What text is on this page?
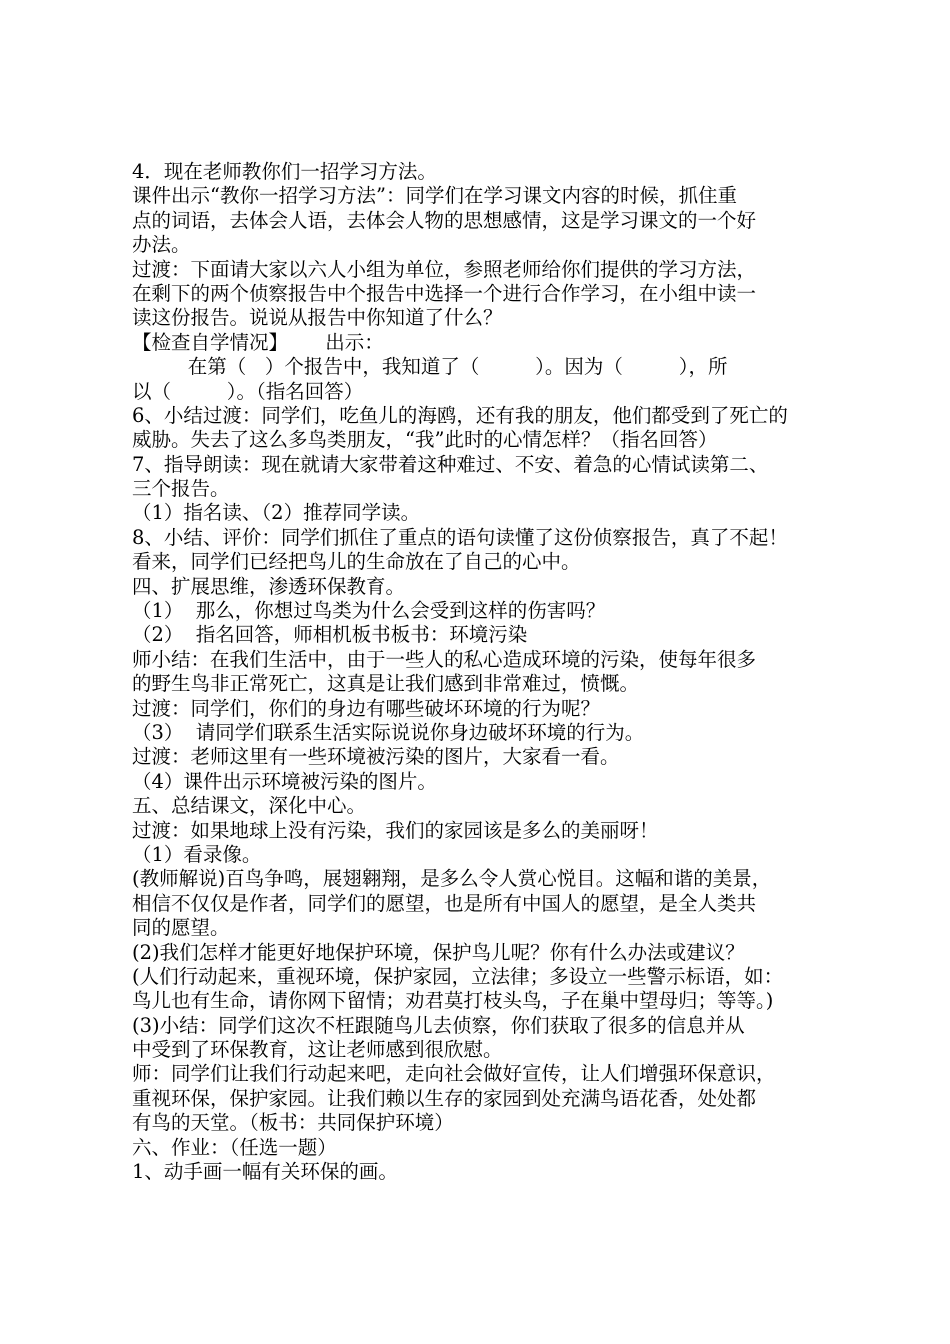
4．现在老师教你们一招学习方法。
课件出示“教你一招学习方法”：同学们在学习课文内容的时候，抓住重
点的词语，去体会人语，去体会人物的思想感情，这是学习课文的一个好
办法。
过渡：下面请大家以六人小组为单位，参照老师给你们提供的学习方法，
在剩下的两个侦察报告中个报告中选择一个进行合作学习，在小组中读一
读这份报告。说说从报告中你知道了什么？
【检查自学情况】      出示：
在第（   ）个报告中，我知道了（         ）。因为（         ），所
以（         ）。（指名回答）
6、小结过渡：同学们，吃鱼儿的海鸥，还有我的朋友，他们都受到了死亡的
威胁。失去了这么多鸟类朋友，“我”此时的心情怎样？（指名回答）
7、指导朗读：现在就请大家带着这种难过、不安、着急的心情试读第二、
三个报告。
（1）指名读、（2）推荐同学读。
8、小结、评价：同学们抓住了重点的语句读懂了这份侦察报告，真了不起！
看来，同学们已经把鸟儿的生命放在了自己的心中。
四、扩展思维，渗透环保教育。
（1）  那么，你想过鸟类为什么会受到这样的伤害吗？
（2）  指名回答，师相机板书板书：环境污染
师小结：在我们生活中，由于一些人的私心造成环境的污染，使每年很多
的野生鸟非正常死亡，这真是让我们感到非常难过，愤慨。
过渡：同学们，你们的身边有哪些破坏环境的行为呢？
（3）  请同学们联系生活实际说说你身边破坏环境的行为。
过渡：老师这里有一些环境被污染的图片，大家看一看。
（4）课件出示环境被污染的图片。
五、总结课文，深化中心。
过渡：如果地球上没有污染，我们的家园该是多么的美丽呀！
（1）看录像。
(教师解说)百鸟争鸣，展翅翱翔，是多么令人赏心悦目。这幅和谐的美景，
相信不仅仅是作者，同学们的愿望，也是所有中国人的愿望，是全人类共
同的愿望。
(2)我们怎样才能更好地保护环境，保护鸟儿呢？你有什么办法或建议？
(人们行动起来，重视环境，保护家园，立法律；多设立一些警示标语，如：
鸟儿也有生命，请你网下留情；劝君莫打枝头鸟，子在巢中望母归；等等。)
(3)小结：同学们这次不枉跟随鸟儿去侦察，你们获取了很多的信息并从
中受到了环保教育，这让老师感到很欣慰。
师：同学们让我们行动起来吧，走向社会做好宣传，让人们增强环保意识，
重视环保，保护家园。让我们赖以生存的家园到处充满鸟语花香，处处都
有鸟的天堂。（板书：共同保护环境）
六、作业：（任选一题）
1、动手画一幅有关环保的画。
